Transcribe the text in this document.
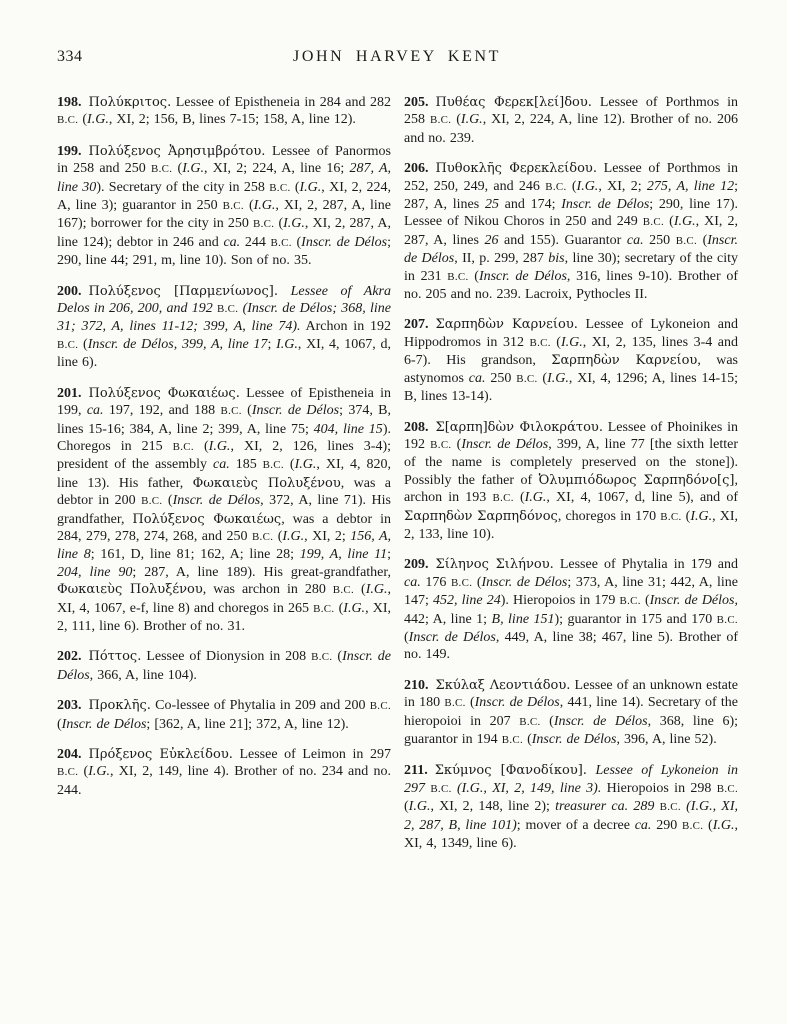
334	JOHN HARVEY KENT

198. Πολύκριτος. Lessee of Epistheneia in 284 and 282 B.C. (I.G., XI, 2; 156, B, lines 7-15; 158, A, line 12).

199. Πολύξενος Ἀρησιμβρότου. Lessee of Panormos in 258 and 250 B.C. (I.G., XI, 2; 224, A, line 16; 287, A, line 30). Secretary of the city in 258 B.C. (I.G., XI, 2, 224, A, line 3); guarantor in 250 B.C. (I.G., XI, 2, 287, A, line 167); borrower for the city in 250 B.C. (I.G., XI, 2, 287, A, line 124); debtor in 246 and ca. 244 B.C. (Inscr. de Délos; 290, line 44; 291, m, line 10). Son of no. 35.

200. Πολύξενος [Παρμενίωνος]. Lessee of Akra Delos in 206, 200, and 192 B.C. (Inscr. de Délos; 368, line 31; 372, A, lines 11-12; 399, A, line 74). Archon in 192 B.C. (Inscr. de Délos, 399, A, line 17; I.G., XI, 4, 1067, d, line 6).

201. Πολύξενος Φωκαιέως. Lessee of Epistheneia in 199, ca. 197, 192, and 188 B.C. (Inscr. de Délos; 374, B, lines 15-16; 384, A, line 2; 399, A, line 75; 404, line 15). Choregos in 215 B.C. (I.G., XI, 2, 126, lines 3-4); president of the assembly ca. 185 B.C. (I.G., XI, 4, 820, line 13). His father, Φωκαιεὺς Πολυξένου, was a debtor in 200 B.C. (Inscr. de Délos, 372, A, line 71). His grandfather, Πολύξενος Φωκαιέως, was a debtor in 284, 279, 278, 274, 268, and 250 B.C. (I.G., XI, 2; 156, A, line 8; 161, D, line 81; 162, A; line 28; 199, A, line 11; 204, line 90; 287, A, line 189). His great-grandfather, Φωκαιεὺς Πολυξένου, was archon in 280 B.C. (I.G., XI, 4, 1067, e-f, line 8) and choregos in 265 B.C. (I.G., XI, 2, 111, line 6). Brother of no. 31.

202. Πόττος. Lessee of Dionysion in 208 B.C. (Inscr. de Délos, 366, A, line 104).

203. Προκλῆς. Co-lessee of Phytalia in 209 and 200 B.C. (Inscr. de Délos; [362, A, line 21]; 372, A, line 12).

204. Πρόξενος Εὐκλείδου. Lessee of Leimon in 297 B.C. (I.G., XI, 2, 149, line 4). Brother of no. 234 and no. 244.

205. Πυθέας Φερεκ[λεί]δου. Lessee of Porthmos in 258 B.C. (I.G., XI, 2, 224, A, line 12). Brother of no. 206 and no. 239.

206. Πυθοκλῆς Φερεκλείδου. Lessee of Porthmos in 252, 250, 249, and 246 B.C. (I.G., XI, 2; 275, A, line 12; 287, A, lines 25 and 174; Inscr. de Délos; 290, line 17). Lessee of Nikou Choros in 250 and 249 B.C. (I.G., XI, 2, 287, A, lines 26 and 155). Guarantor ca. 250 B.C. (Inscr. de Délos, II, p. 299, 287 bis, line 30); secretary of the city in 231 B.C. (Inscr. de Délos, 316, lines 9-10). Brother of no. 205 and no. 239. Lacroix, Pythocles II.

207. Σαρπηδὼν Καρνείου. Lessee of Lykoneion and Hippodromos in 312 B.C. (I.G., XI, 2, 135, lines 3-4 and 6-7). His grandson, Σαρπηδὼν Καρνείου, was astynomos ca. 250 B.C. (I.G., XI, 4, 1296; A, lines 14-15; B, lines 13-14).

208. Σ[αρπη]δὼν Φιλοκράτου. Lessee of Phoinikes in 192 B.C. (Inscr. de Délos, 399, A, line 77 [the sixth letter of the name is completely preserved on the stone]). Possibly the father of Ὀλυμπιόδωρος Σαρπηδόνο[ς], archon in 193 B.C. (I.G., XI, 4, 1067, d, line 5), and of Σαρπηδὼν Σαρπηδόνος, choregos in 170 B.C. (I.G., XI, 2, 133, line 10).

209. Σίληνος Σιλήνου. Lessee of Phytalia in 179 and ca. 176 B.C. (Inscr. de Délos; 373, A, line 31; 442, A, line 147; 452, line 24). Hieropoios in 179 B.C. (Inscr. de Délos, 442; A, line 1; B, line 151); guarantor in 175 and 170 B.C. (Inscr. de Délos, 449, A, line 38; 467, line 5). Brother of no. 149.

210. Σκύλαξ Λεοντιάδου. Lessee of an unknown estate in 180 B.C. (Inscr. de Délos, 441, line 14). Secretary of the hieropoioi in 207 B.C. (Inscr. de Délos, 368, line 6); guarantor in 194 B.C. (Inscr. de Délos, 396, A, line 52).

211. Σκύμνος [Φανοδίκου]. Lessee of Lykoneion in 297 B.C. (I.G., XI, 2, 149, line 3). Hieropoios in 298 B.C. (I.G., XI, 2, 148, line 2); treasurer ca. 289 B.C. (I.G., XI, 2, 287, B, line 101); mover of a decree ca. 290 B.C. (I.G., XI, 4, 1349, line 6).
